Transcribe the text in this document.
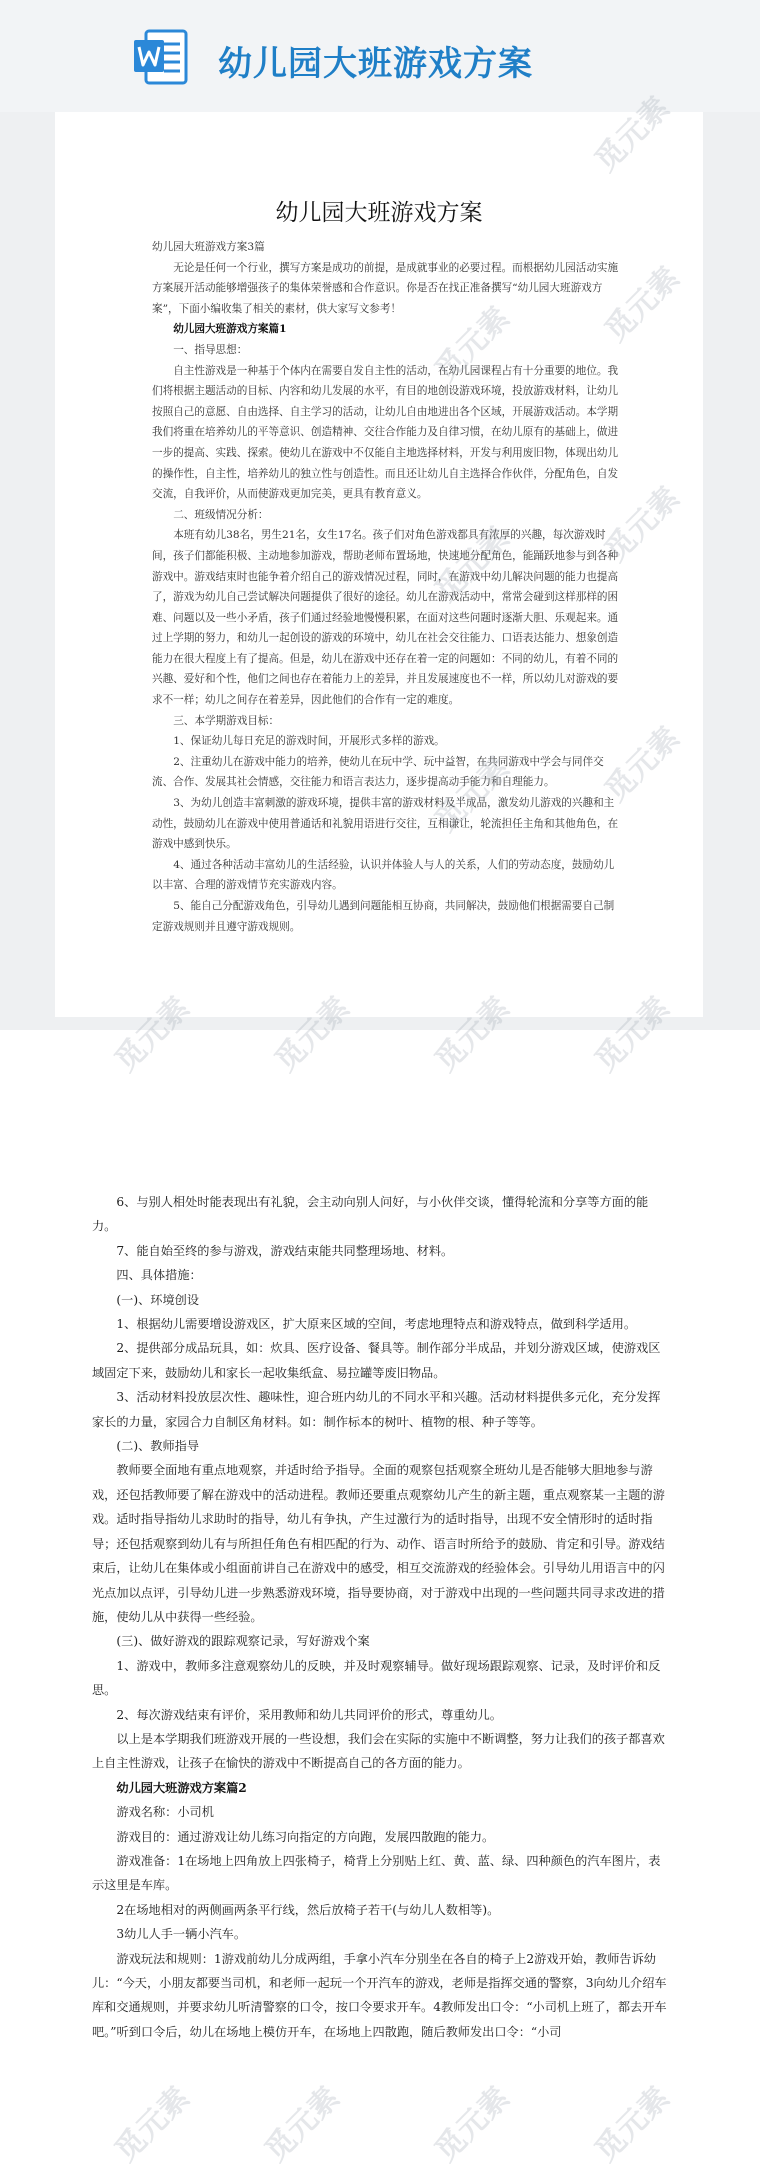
幼儿园大班游戏方案
幼儿园大班游戏方案

幼儿园大班游戏方案3篇

无论是任何一个行业，撰写方案是成功的前提，是成就事业的必要过程。而根据幼儿园活动实施方案展开活动能够增强孩子的集体荣誉感和合作意识。你是否在找正准备撰写“幼儿园大班游戏方案”，下面小编收集了相关的素材，供大家写文参考！

幼儿园大班游戏方案篇1

一、指导思想：

自主性游戏是一种基于个体内在需要自发自主性的活动，在幼儿园课程占有十分重要的地位。我们将根据主题活动的目标、内容和幼儿发展的水平，有目的地创设游戏环境，投放游戏材料，让幼儿按照自己的意愿、自由选择、自主学习的活动，让幼儿自由地进出各个区域，开展游戏活动。本学期我们将重在培养幼儿的平等意识、创造精神、交往合作能力及自律习惯，在幼儿原有的基础上，做进一步的提高、实践、探索。使幼儿在游戏中不仅能自主地选择材料，开发与利用废旧物，体现出幼儿的操作性，自主性，培养幼儿的独立性与创造性。而且还让幼儿自主选择合作伙伴，分配角色，自发交流，自我评价，从而使游戏更加完美，更具有教育意义。

二、班级情况分析：

本班有幼儿38名，男生21名，女生17名。孩子们对角色游戏都具有浓厚的兴趣，每次游戏时间，孩子们都能积极、主动地参加游戏，帮助老师布置场地，快速地分配角色，能踊跃地参与到各种游戏中。游戏结束时也能争着介绍自己的游戏情况过程，同时，在游戏中幼儿解决问题的能力也提高了，游戏为幼儿自己尝试解决问题提供了很好的途径。幼儿在游戏活动中，常常会碰到这样那样的困难、问题以及一些小矛盾，孩子们通过经验地慢慢积累，在面对这些问题时逐渐大胆、乐观起来。通过上学期的努力，和幼儿一起创设的游戏的环境中，幼儿在社会交往能力、口语表达能力、想象创造能力在很大程度上有了提高。但是，幼儿在游戏中还存在着一定的问题如：不同的幼儿，有着不同的兴趣、爱好和个性，他们之间也存在着能力上的差异，并且发展速度也不一样，所以幼儿对游戏的要求不一样；幼儿之间存在着差异，因此他们的合作有一定的难度。

三、本学期游戏目标：

1、保证幼儿每日充足的游戏时间，开展形式多样的游戏。

2、注重幼儿在游戏中能力的培养，使幼儿在玩中学、玩中益智，在共同游戏中学会与同伴交流、合作、发展其社会情感，交往能力和语言表达力，逐步提高动手能力和自理能力。

3、为幼儿创造丰富刺激的游戏环境，提供丰富的游戏材料及半成品，激发幼儿游戏的兴趣和主动性，鼓励幼儿在游戏中使用普通话和礼貌用语进行交往，互相谦让，轮流担任主角和其他角色，在游戏中感到快乐。

4、通过各种活动丰富幼儿的生活经验，认识并体验人与人的关系，人们的劳动态度，鼓励幼儿以丰富、合理的游戏情节充实游戏内容。

5、能自己分配游戏角色，引导幼儿遇到问题能相互协商，共同解决，鼓励他们根据需要自己制定游戏规则并且遵守游戏规则。

6、与别人相处时能表现出有礼貌，会主动向别人问好，与小伙伴交谈，懂得轮流和分享等方面的能力。

7、能自始至终的参与游戏，游戏结束能共同整理场地、材料。

四、具体措施：

(一)、环境创设

1、根据幼儿需要增设游戏区，扩大原来区域的空间，考虑地理特点和游戏特点，做到科学适用。

2、提供部分成品玩具，如：炊具、医疗设备、餐具等。制作部分半成品，并划分游戏区域，使游戏区域固定下来，鼓励幼儿和家长一起收集纸盒、易拉罐等废旧物品。

3、活动材料投放层次性、趣味性，迎合班内幼儿的不同水平和兴趣。活动材料提供多元化，充分发挥家长的力量，家园合力自制区角材料。如：制作标本的树叶、植物的根、种子等等。

(二)、教师指导

教师要全面地有重点地观察，并适时给予指导。全面的观察包括观察全班幼儿是否能够大胆地参与游戏，还包括教师要了解在游戏中的活动进程。教师还要重点观察幼儿产生的新主题，重点观察某一主题的游戏。适时指导指幼儿求助时的指导，幼儿有争执，产生过激行为的适时指导，出现不安全情形时的适时指导；还包括观察到幼儿有与所担任角色有相匹配的行为、动作、语言时所给予的鼓励、肯定和引导。游戏结束后，让幼儿在集体或小组面前讲自己在游戏中的感受，相互交流游戏的经验体会。引导幼儿用语言中的闪光点加以点评，引导幼儿进一步熟悉游戏环境，指导要协商，对于游戏中出现的一些问题共同寻求改进的措施，使幼儿从中获得一些经验。

(三)、做好游戏的跟踪观察记录，写好游戏个案

1、游戏中，教师多注意观察幼儿的反映，并及时观察辅导。做好现场跟踪观察、记录，及时评价和反思。

2、每次游戏结束有评价，采用教师和幼儿共同评价的形式，尊重幼儿。

以上是本学期我们班游戏开展的一些设想，我们会在实际的实施中不断调整，努力让我们的孩子都喜欢上自主性游戏，让孩子在愉快的游戏中不断提高自己的各方面的能力。

幼儿园大班游戏方案篇2

游戏名称：小司机

游戏目的：通过游戏让幼儿练习向指定的方向跑，发展四散跑的能力。

游戏准备：1在场地上四角放上四张椅子，椅背上分别贴上红、黄、蓝、绿、四种颜色的汽车图片，表示这里是车库。

2在场地相对的两侧画两条平行线，然后放椅子若干(与幼儿人数相等)。

3幼儿人手一辆小汽车。

游戏玩法和规则：1游戏前幼儿分成两组，手拿小汽车分别坐在各自的椅子上2游戏开始，教师告诉幼儿：“今天，小朋友都要当司机，和老师一起玩一个开汽车的游戏，老师是指挥交通的警察，3向幼儿介绍车库和交通规则，并要求幼儿听清警察的口令，按口令要求开车。4教师发出口令：“小司机上班了，都去开车吧。”听到口令后，幼儿在场地上模仿开车，在场地上四散跑，随后教师发出口令：“小司

觅元素
觅元素	觅元素
觅元素	觅元素
觅元素	觅元素
觅元素 觅元素 觅元素 觅元素
觅元素	觅元素 觅元素
觅元素
